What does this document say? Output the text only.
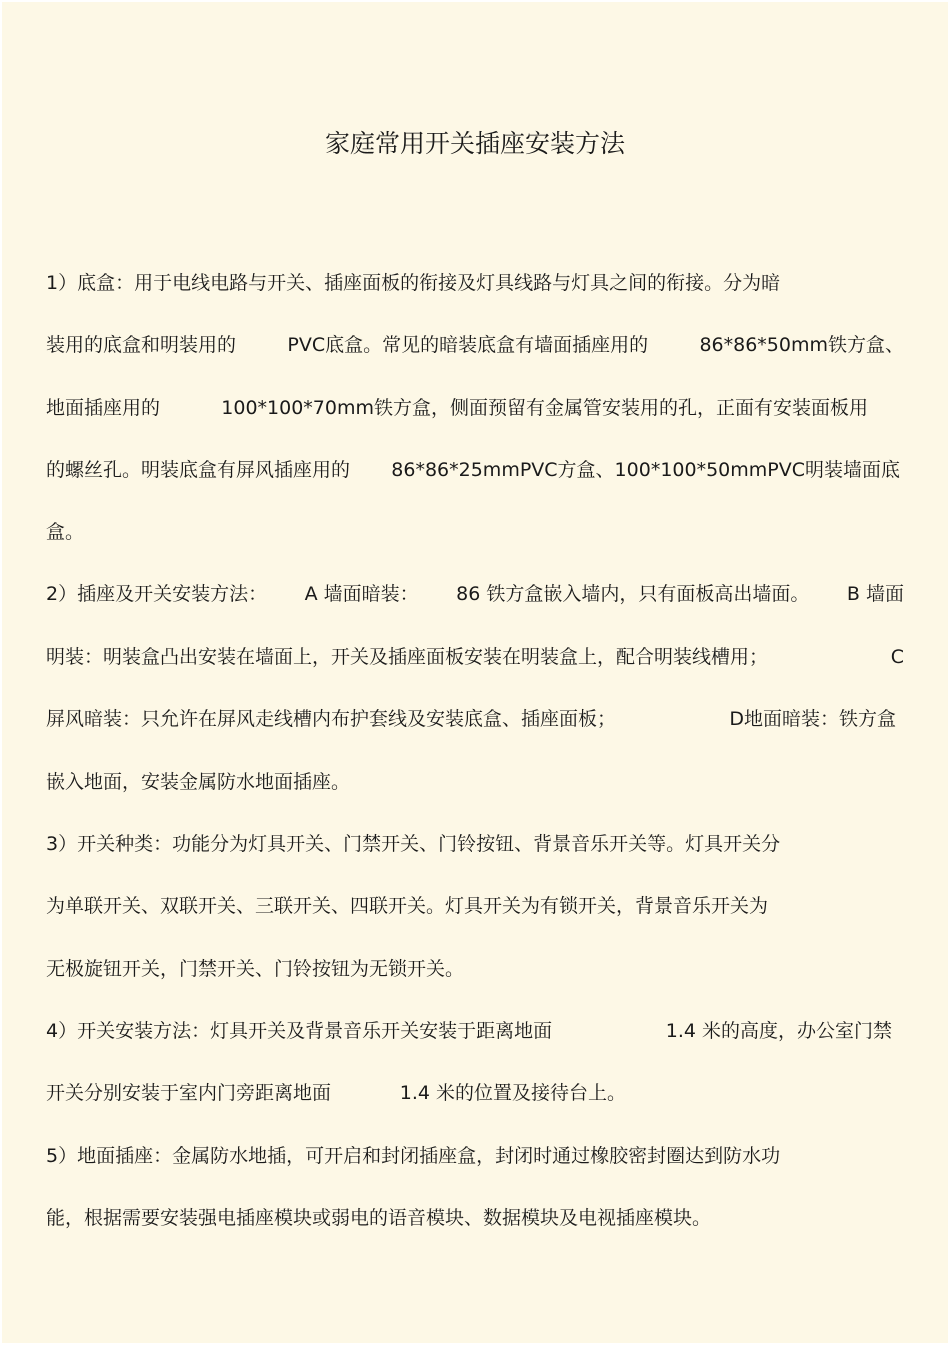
家庭常用开关插座安装方法
1）底盒：用于电线电路与开关、插座面板的衔接及灯具线路与灯具之间的衔接。分为暗
装用的底盒和明装用的	PVC底盒。常见的暗装底盒有墙面插座用的	86*86*50mm铁方盒、
地面插座用的	100*100*70mm铁方盒，侧面预留有金属管安装用的孔，正面有安装面板用
的螺丝孔。明装底盒有屏风插座用的 86*86*25mmPVC方盒、100*100*50mmPVC明装墙面底
盒。
2）插座及开关安装方法： A 墙面暗装： 86 铁方盒嵌入墙内，只有面板高出墙面。 B 墙面
明装：明装盒凸出安装在墙面上，开关及插座面板安装在明装盒上，配合明装线槽用；	C
屏风暗装：只允许在屏风走线槽内布护套线及安装底盒、插座面板；	D地面暗装：铁方盒
嵌入地面，安装金属防水地面插座。
3）开关种类：功能分为灯具开关、门禁开关、门铃按钮、背景音乐开关等。灯具开关分
为单联开关、双联开关、三联开关、四联开关。灯具开关为有锁开关，背景音乐开关为
无极旋钮开关，门禁开关、门铃按钮为无锁开关。
4）开关安装方法：灯具开关及背景音乐开关安装于距离地面	1.4 米的高度，办公室门禁
开关分别安装于室内门旁距离地面	1.4 米的位置及接待台上。
5）地面插座：金属防水地插，可开启和封闭插座盒，封闭时通过橡胶密封圈达到防水功
能，根据需要安装强电插座模块或弱电的语音模块、数据模块及电视插座模块。
